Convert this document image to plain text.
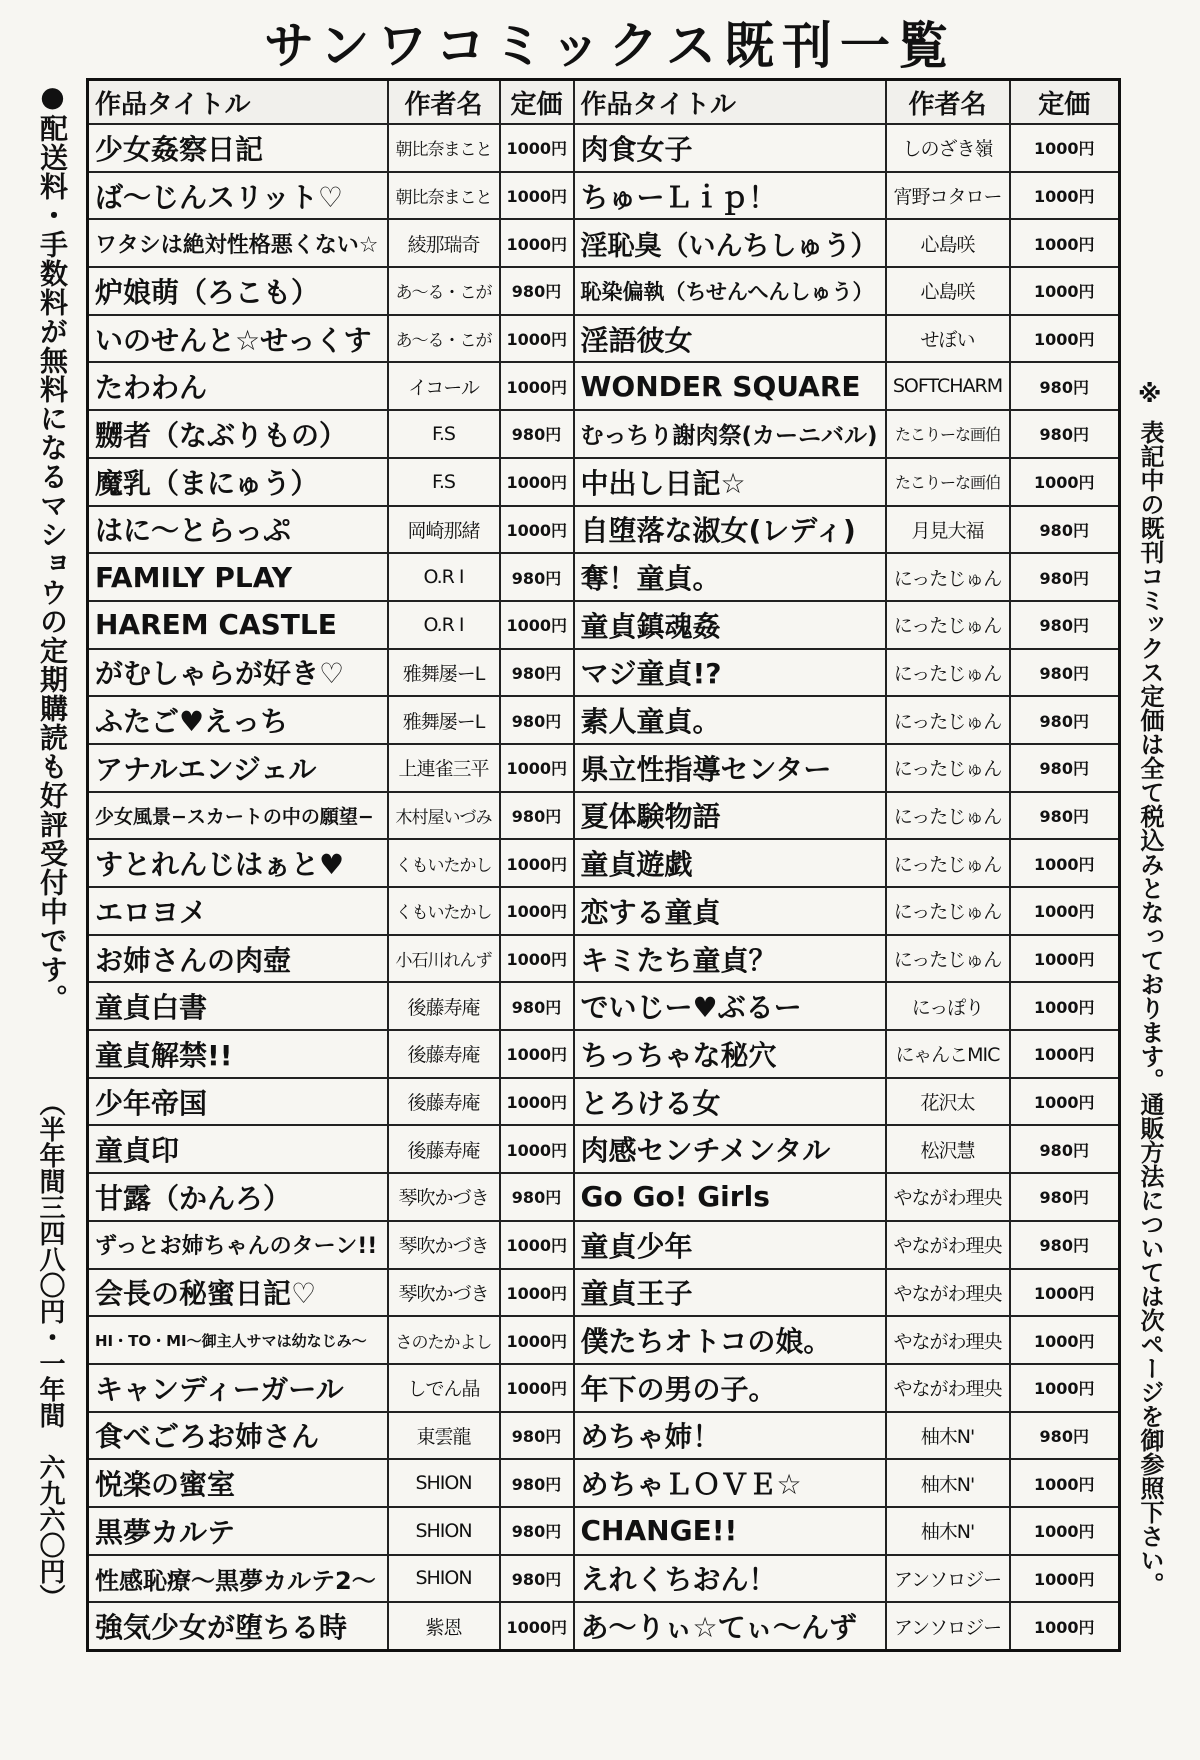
サンワコミックス既刊一覧
●配送料・手数料が無料になるマショウの定期購読も好評受付中です。
（半年間三四八〇円・一年間　六九六〇円）
※
表記中の既刊コミックス定価は全て税込みとなっております。通販方法については次ページを御参照下さい。
作品タイトル	作者名	定価	作品タイトル	作者名	定価
少女姦察日記	朝比奈まこと	1000円	肉食女子	しのざき嶺	1000円
ば〜じんスリット♡	朝比奈まこと	1000円	ちゅーＬｉｐ！	宵野コタロー	1000円
ワタシは絶対性格悪くない☆	綾那瑞奇	1000円	淫恥臭（いんちしゅう）	心島咲	1000円
炉娘萌（ろこも）	あ〜る・こが	980円	恥染偏執（ちせんへんしゅう）	心島咲	1000円
いのせんと☆せっくす	あ〜る・こが	1000円	淫語彼女	せぼい	1000円
たわわん	イコール	1000円	WONDER SQUARE	SOFTCHARM	980円
嬲者（なぶりもの）	F.S	980円	むっちり謝肉祭(カーニバル)	たこりーな画伯	980円
魔乳（まにゅう）	F.S	1000円	中出し日記☆	たこりーな画伯	1000円
はに〜とらっぷ	岡崎那緒	1000円	自堕落な淑女(レディ)	月見大福	980円
FAMILY PLAY	O.R I	980円	奪！童貞。	にったじゅん	980円
HAREM CASTLE	O.R I	1000円	童貞鎮魂姦	にったじゅん	980円
がむしゃらが好き♡	雅舞屡ーL	980円	マジ童貞!?	にったじゅん	980円
ふたご♥えっち	雅舞屡ーL	980円	素人童貞。	にったじゅん	980円
アナルエンジェル	上連雀三平	1000円	県立性指導センター	にったじゅん	980円
少女風景−スカートの中の願望−	木村屋いづみ	980円	夏体験物語	にったじゅん	980円
すとれんじはぁと♥	くもいたかし	1000円	童貞遊戯	にったじゅん	1000円
エロヨメ	くもいたかし	1000円	恋する童貞	にったじゅん	1000円
お姉さんの肉壺	小石川れんず	1000円	キミたち童貞？	にったじゅん	1000円
童貞白書	後藤寿庵	980円	でいじー♥ぶるー	にっぽり	1000円
童貞解禁!!	後藤寿庵	1000円	ちっちゃな秘穴	にゃんこMIC	1000円
少年帝国	後藤寿庵	1000円	とろける女	花沢太	1000円
童貞印	後藤寿庵	1000円	肉感センチメンタル	松沢慧	980円
甘露（かんろ）	琴吹かづき	980円	Go Go! Girls	やながわ理央	980円
ずっとお姉ちゃんのターン!!	琴吹かづき	1000円	童貞少年	やながわ理央	980円
会長の秘蜜日記♡	琴吹かづき	1000円	童貞王子	やながわ理央	1000円
HI・TO・MI〜御主人サマは幼なじみ〜	さのたかよし	1000円	僕たちオトコの娘。	やながわ理央	1000円
キャンディーガール	しでん晶	1000円	年下の男の子。	やながわ理央	1000円
食べごろお姉さん	東雲龍	980円	めちゃ姉！	柚木N'	980円
悦楽の蜜室	SHION	980円	めちゃＬＯＶＥ☆	柚木N'	1000円
黒夢カルテ	SHION	980円	CHANGE!!	柚木N'	1000円
性感恥療〜黒夢カルテ2〜	SHION	980円	えれくちおん！	アンソロジー	1000円
強気少女が堕ちる時	紫恩	1000円	あ〜りぃ☆てぃ〜んず	アンソロジー	1000円
